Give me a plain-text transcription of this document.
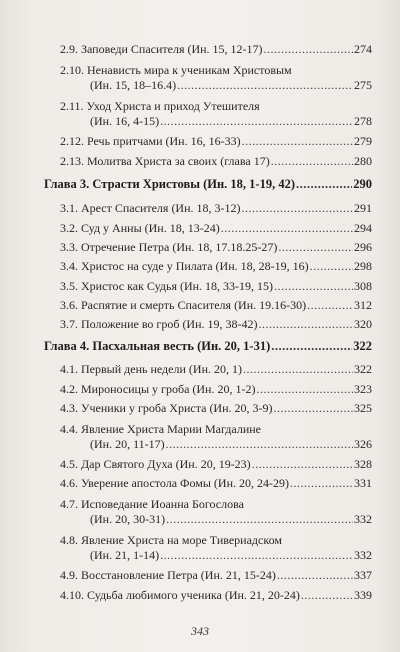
2.9. Заповеди Спасителя (Ин. 15, 12-17) .....	274
2.10. Ненависть мира к ученикам Христовым
(Ин. 15, 18–16.4) .....	275
2.11. Уход Христа и приход Утешителя
(Ин. 16, 4-15) .....	278
2.12. Речь притчами (Ин. 16, 16-33) .....	279
2.13. Молитва Христа за своих (глава 17) .....	280
Глава 3. Страсти Христовы (Ин. 18, 1-19, 42) .....	290
3.1. Арест Спасителя (Ин. 18, 3-12) .....	291
3.2. Суд у Анны (Ин. 18, 13-24) .....	294
3.3. Отречение Петра (Ин. 18, 17.18.25-27) .....	296
3.4. Христос на суде у Пилата (Ин. 18, 28-19, 16) .....	298
3.5. Христос как Судья (Ин. 18, 33-19, 15) .....	308
3.6. Распятие и смерть Спасителя (Ин. 19.16-30) .....	312
3.7. Положение во гроб (Ин. 19, 38-42) .....	320
Глава 4. Пасхальная весть (Ин. 20, 1-31) .....	322
4.1. Первый день недели (Ин. 20, 1) .....	322
4.2. Мироносицы у гроба (Ин. 20, 1-2) .....	323
4.3. Ученики у гроба Христа (Ин. 20, 3-9) .....	325
4.4. Явление Христа Марии Магдалине
(Ин. 20, 11-17) .....	326
4.5. Дар Святого Духа (Ин. 20, 19-23) .....	328
4.6. Уверение апостола Фомы (Ин. 20, 24-29) .....	331
4.7. Исповедание Иоанна Богослова
(Ин. 20, 30-31) .....	332
4.8. Явление Христа на море Тивериадском
(Ин. 21, 1-14) .....	332
4.9. Восстановление Петра (Ин. 21, 15-24) .....	337
4.10. Судьба любимого ученика (Ин. 21, 20-24) .....	339
343
